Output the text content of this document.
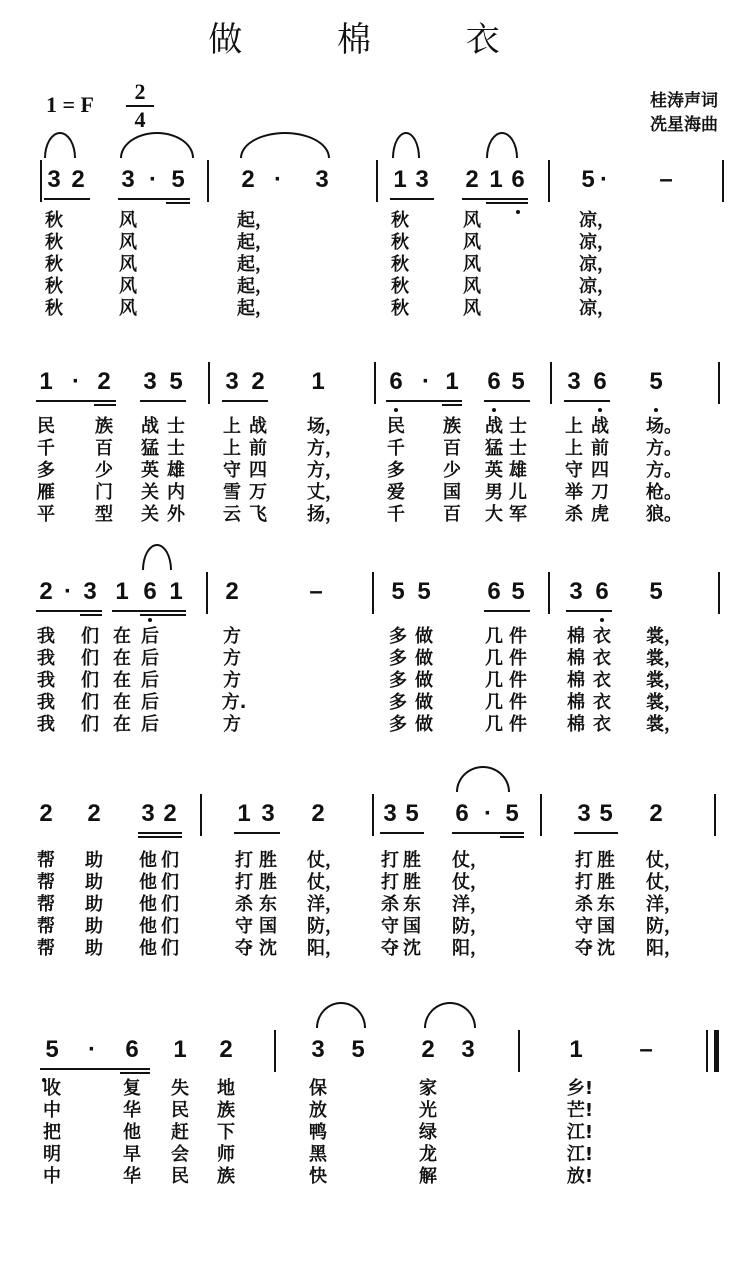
做 棉 衣
1 = F
2
4
桂涛声词
冼星海曲
3 2 3 · 5 2 · 3	1 3 2 1 6 5 · –
秋	风	起，	秋	风	凉，
秋	风	起，	秋	风	凉，
秋	风	起，	秋	风	凉，
秋	风	起，	秋	风	凉，
秋	风	起，	秋	风	凉，
1 · 2 3 5 3 2 1	6 · 1 6 5 3 6 5
民 族 战 士 上 战 场， 民 族 战 士 上 战 场。
千 百 猛 士 上 前 方， 千 百 猛 士 上 前 方。
多 少 英 雄 守 四 方， 多 少 英 雄 守 四 方。
雁 门 关 内 雪 万 丈， 爱 国 男 儿 举 刀 枪。
平 型 关 外 云 飞 扬， 千 百 大 军 杀 虎 狼。
2 · 3 1 6 1 2	–	5 5 6 5 3 6 5
我 们 在 后	方	多 做	几 件 棉 衣 裳，
我 们 在 后	方	多 做	几 件 棉 衣 裳，
我 们 在 后	方	多 做	几 件 棉 衣 裳，
我 们 在 后	方.	多 做	几 件 棉 衣 裳，
我 们 在 后	方	多 做	几 件 棉 衣 裳，
2 2 3 2	1 3 2 3 5 6 · 5 3 5 2
帮 助 他 们	打 胜 仗， 打 胜 仗，	打 胜 仗，
帮 助 他 们	打 胜 仗， 打 胜 仗，	打 胜 仗，
帮 助 他 们	杀 东 洋， 杀 东 洋，	杀 东 洋，
帮 助 他 们	守 国 防， 守 国 防，	守 国 防，
帮 助 他 们	夺 沈 阳， 夺 沈 阳，	夺 沈 阳，
5 · 6 1 2	3 5 2 3	1 –
收	复 失 地	保	家	乡!
中	华 民 族	放	光	芒!
把	他 赶 下	鸭	绿	江!
明	早 会 师	黑	龙	江!
中	华 民 族	快	解	放!
